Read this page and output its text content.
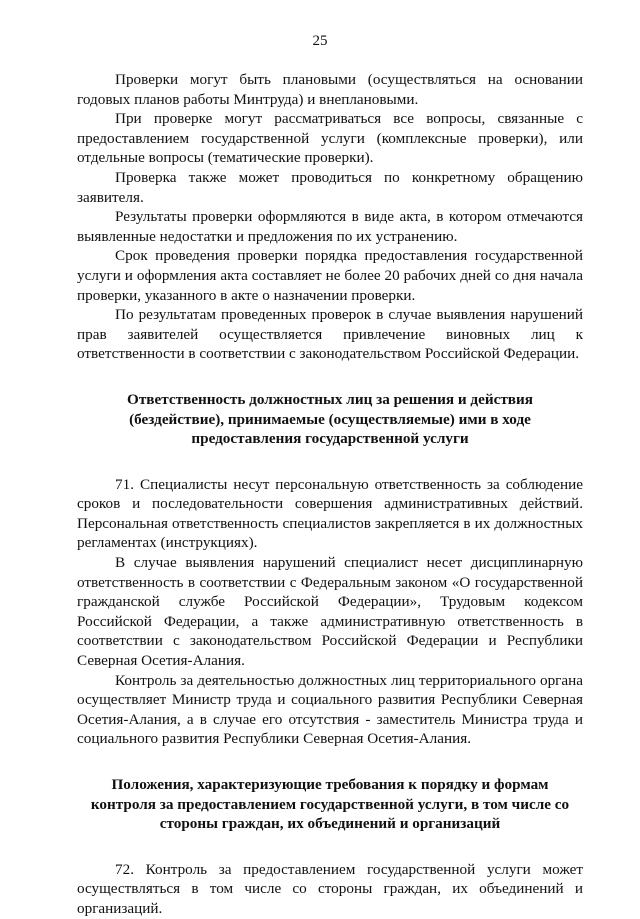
25

Проверки могут быть плановыми (осуществляться на основании годовых планов работы Минтруда) и внеплановыми.

При проверке могут рассматриваться все вопросы, связанные с предоставлением государственной услуги (комплексные проверки), или отдельные вопросы (тематические проверки).

Проверка также может проводиться по конкретному обращению заявителя.

Результаты проверки оформляются в виде акта, в котором отмечаются выявленные недостатки и предложения по их устранению.

Срок проведения проверки порядка предоставления государственной услуги и оформления акта составляет не более 20 рабочих дней со дня начала проверки, указанного в акте о назначении проверки.

По результатам проведенных проверок в случае выявления нарушений прав заявителей осуществляется привлечение виновных лиц к ответственности в соответствии с законодательством Российской Федерации.

Ответственность должностных лиц за решения и действия (бездействие), принимаемые (осуществляемые) ими в ходе предоставления государственной услуги

71. Специалисты несут персональную ответственность за соблюдение сроков и последовательности совершения административных действий. Персональная ответственность специалистов закрепляется в их должностных регламентах (инструкциях).

В случае выявления нарушений специалист несет дисциплинарную ответственность в соответствии с Федеральным законом «О государственной гражданской службе Российской Федерации», Трудовым кодексом Российской Федерации, а также административную ответственность в соответствии с законодательством Российской Федерации и Республики Северная Осетия-Алания.

Контроль за деятельностью должностных лиц территориального органа осуществляет Министр труда и социального развития Республики Северная Осетия-Алания, а в случае его отсутствия - заместитель Министра труда и социального развития Республики Северная Осетия-Алания.

Положения, характеризующие требования к порядку и формам контроля за предоставлением государственной услуги, в том числе со стороны граждан, их объединений и организаций

72. Контроль за предоставлением государственной услуги может осуществляться в том числе со стороны граждан, их объединений и организаций.
